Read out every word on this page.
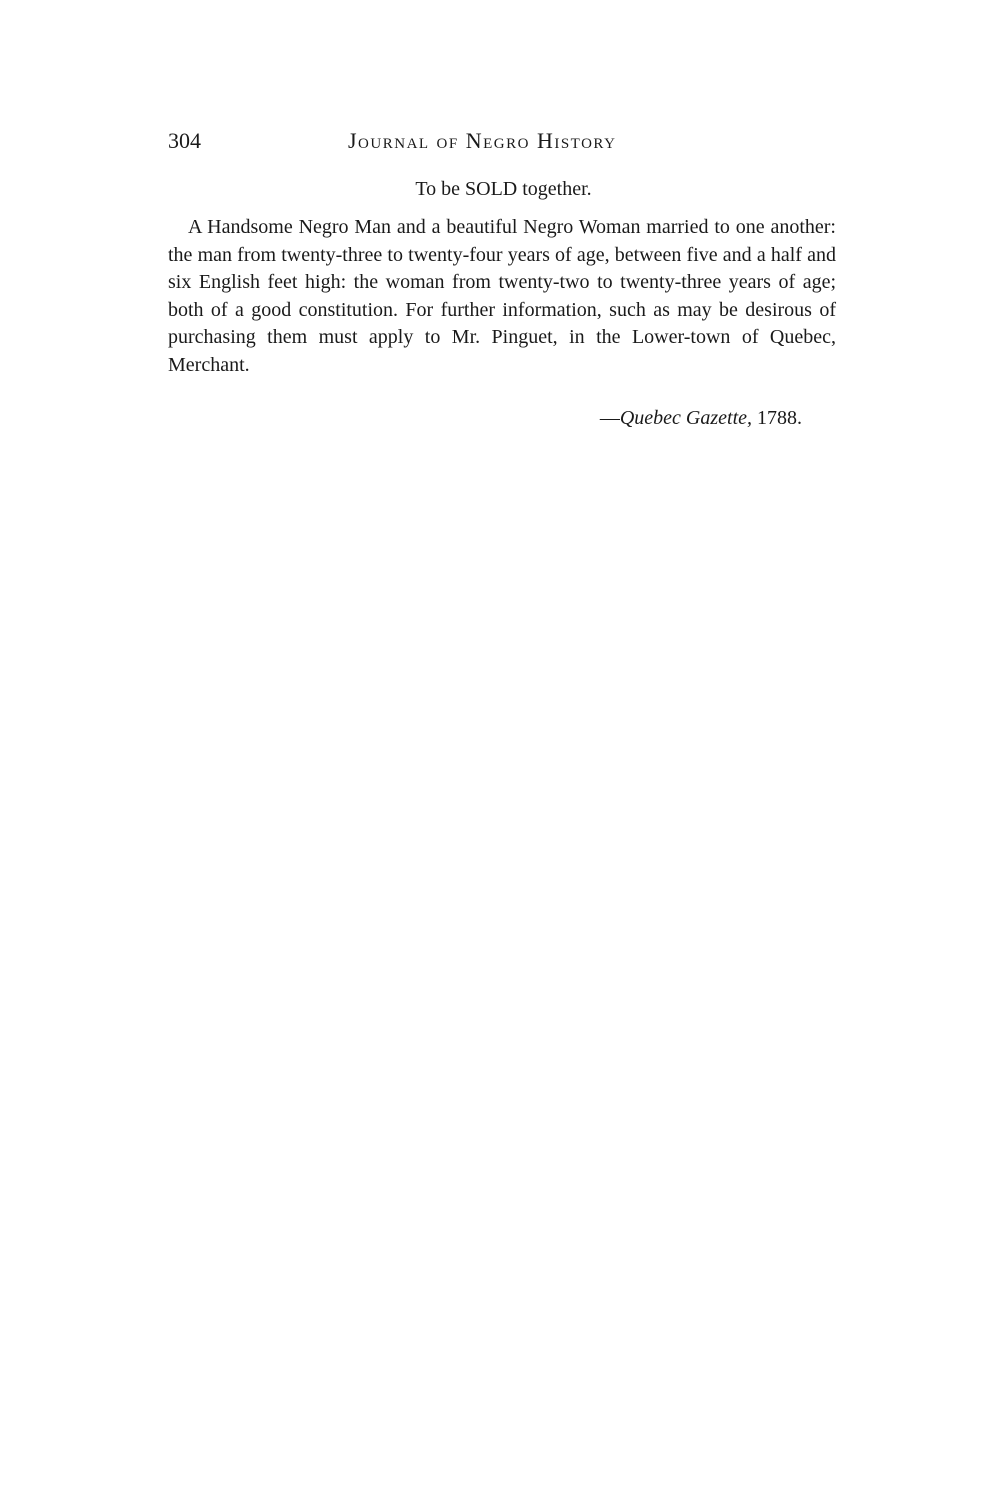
304	Journal of Negro History
To be SOLD together.

A Handsome Negro Man and a beautiful Negro Woman married to one another: the man from twenty-three to twenty-four years of age, between five and a half and six English feet high: the woman from twenty-two to twenty-three years of age; both of a good constitution. For further information, such as may be desirous of purchasing them must apply to Mr. Pinguet, in the Lower-town of Quebec, Merchant.

—Quebec Gazette, 1788.
